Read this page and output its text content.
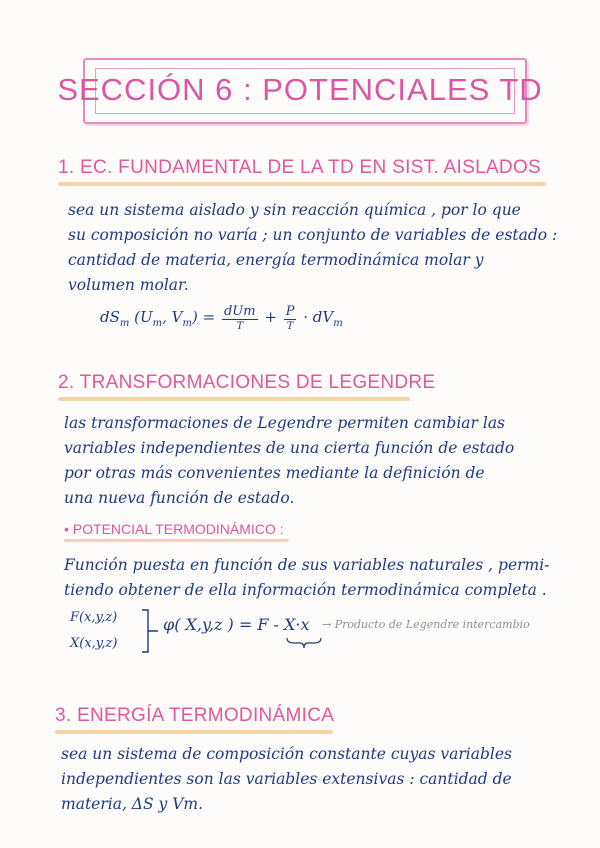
SECCIÓN 6 : POTENCIALES TD
1. EC. FUNDAMENTAL DE LA TD EN SIST. AISLADOS
sea un sistema aislado y sin reacción química , por lo que
su composición no varía ; un conjunto de variables de estado :
cantidad de materia, energía termodinámica molar y
volumen molar.
$dS_m$ ($U_m$, $V_m) = \frac{\text{dUm}}{T} + \frac{P}{T} \cdot dV_m$
2. TRANSFORMACIONES DE LEGENDRE
las transformaciones de Legendre permiten cambiar las
variables independientes de una cierta función de estado
por otras más convenientes mediante la definición de
una nueva función de estado.
• POTENCIAL TERMODINÁMICO :
Función puesta en función de sus variables naturales , permi-
tiendo obtener de ella información termodinámica completa .
F(x,y,z)
X(x,y,z)
φ( X,y,z ) = F - X·x → Producto de Legendre intercambio
3. ENERGÍA TERMODINÁMICA
sea un sistema de composición constante cuyas variables
independientes son las variables extensivas : cantidad de
materia, ΔS y Vm.
